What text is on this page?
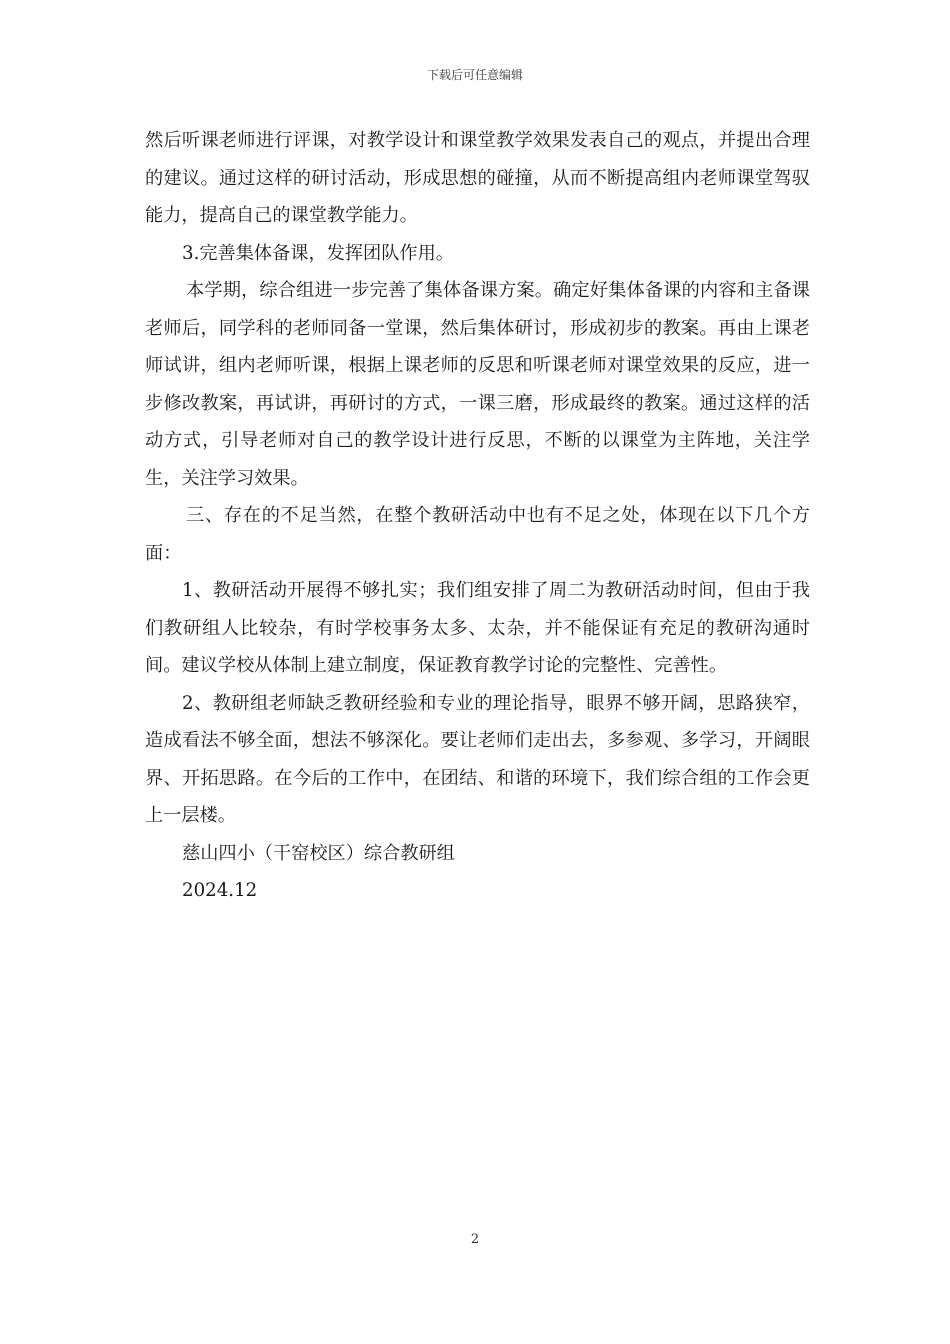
下载后可任意编辑

然后听课老师进行评课，对教学设计和课堂教学效果发表自己的观点，并提出合理的建议。通过这样的研讨活动，形成思想的碰撞，从而不断提高组内老师课堂驾驭能力，提高自己的课堂教学能力。

3.完善集体备课，发挥团队作用。

本学期，综合组进一步完善了集体备课方案。确定好集体备课的内容和主备课老师后，同学科的老师同备一堂课，然后集体研讨，形成初步的教案。再由上课老师试讲，组内老师听课，根据上课老师的反思和听课老师对课堂效果的反应，进一步修改教案，再试讲，再研讨的方式，一课三磨，形成最终的教案。通过这样的活动方式，引导老师对自己的教学设计进行反思，不断的以课堂为主阵地，关注学生，关注学习效果。

三、存在的不足当然，在整个教研活动中也有不足之处，体现在以下几个方面：

1、教研活动开展得不够扎实；我们组安排了周二为教研活动时间，但由于我们教研组人比较杂，有时学校事务太多、太杂，并不能保证有充足的教研沟通时间。建议学校从体制上建立制度，保证教育教学讨论的完整性、完善性。

2、教研组老师缺乏教研经验和专业的理论指导，眼界不够开阔，思路狭窄，造成看法不够全面，想法不够深化。要让老师们走出去，多参观、多学习，开阔眼界、开拓思路。在今后的工作中，在团结、和谐的环境下，我们综合组的工作会更上一层楼。

慈山四小（干窑校区）综合教研组

2024.12

2
